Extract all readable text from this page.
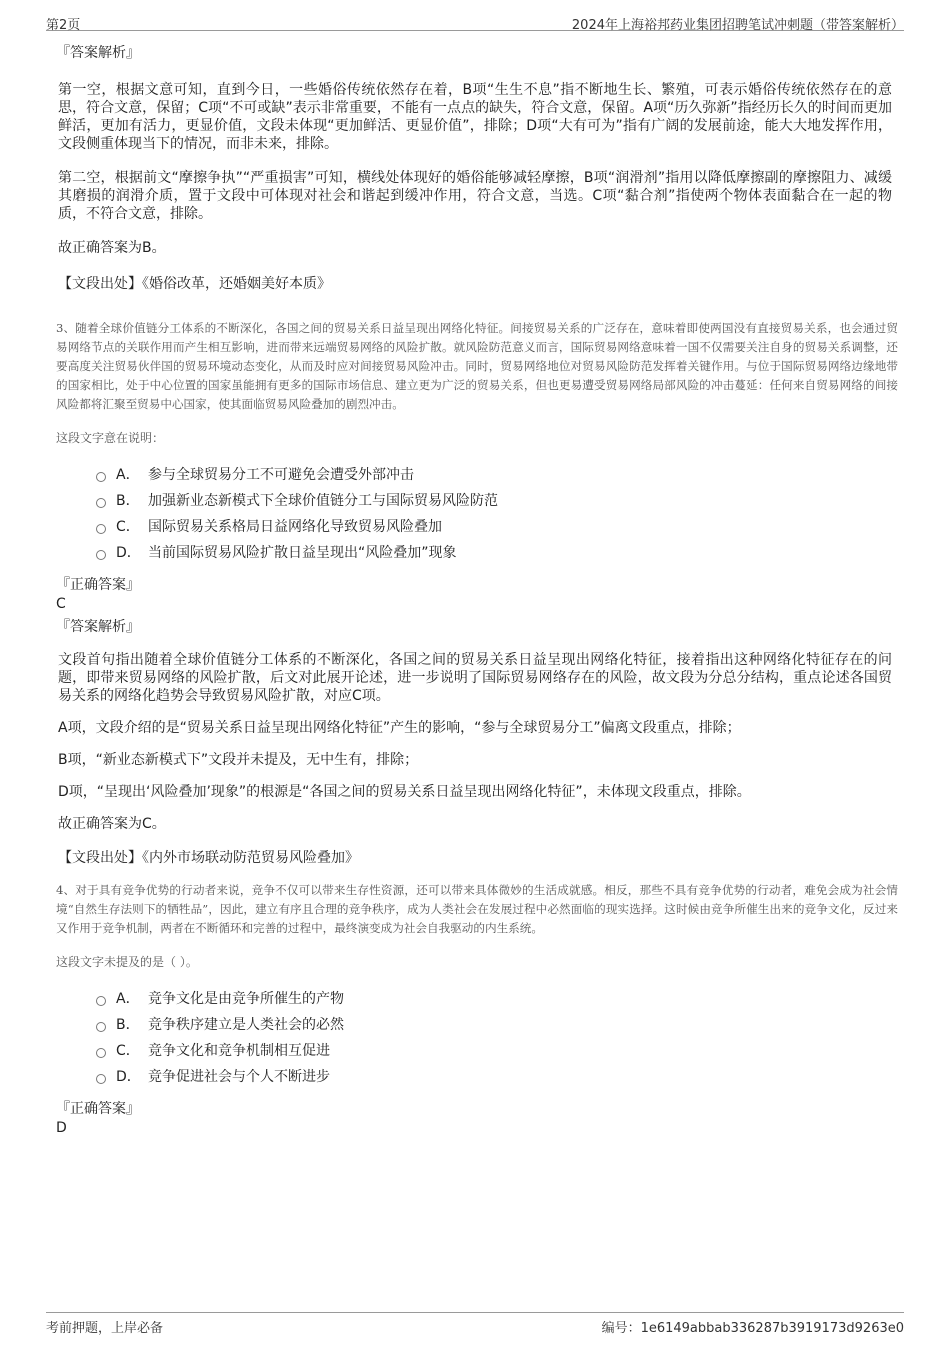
第2页	2024年上海裕邦药业集团招聘笔试冲刺题（带答案解析）
『答案解析』
第一空，根据文意可知，直到今日，一些婚俗传统依然存在着，B项“生生不息”指不断地生长、繁殖，可表示婚俗传统依然存在的意思，符合文意，保留；C项“不可或缺”表示非常重要，不能有一点点的缺失，符合文意，保留。A项“历久弥新”指经历长久的时间而更加鲜活，更加有活力，更显价值，文段未体现“更加鲜活、更显价值”，排除；D项“大有可为”指有广阔的发展前途，能大大地发挥作用，文段侧重体现当下的情况，而非未来，排除。
第二空，根据前文“摩擦争执”“严重损害”可知，横线处体现好的婚俗能够减轻摩擦，B项“润滑剂”指用以降低摩擦副的摩擦阻力、减缓其磨损的润滑介质，置于文段中可体现对社会和谐起到缓冲作用，符合文意，当选。C项“黏合剂”指使两个物体表面黏合在一起的物质，不符合文意，排除。
故正确答案为B。
【文段出处】《婚俗改革，还婚姻美好本质》
3、随着全球价值链分工体系的不断深化，各国之间的贸易关系日益呈现出网络化特征。间接贸易关系的广泛存在，意味着即使两国没有直接贸易关系，也会通过贸易网络节点的关联作用而产生相互影响，进而带来远端贸易网络的风险扩散。就风险防范意义而言，国际贸易网络意味着一国不仅需要关注自身的贸易关系调整，还要高度关注贸易伙伴国的贸易环境动态变化，从而及时应对间接贸易风险冲击。同时，贸易网络地位对贸易风险防范发挥着关键作用。与位于国际贸易网络边缘地带的国家相比，处于中心位置的国家虽能拥有更多的国际市场信息、建立更为广泛的贸易关系，但也更易遭受贸易网络局部风险的冲击蔓延：任何来自贸易网络的间接风险都将汇聚至贸易中心国家，使其面临贸易风险叠加的剧烈冲击。
这段文字意在说明：
A． 参与全球贸易分工不可避免会遭受外部冲击
B． 加强新业态新模式下全球价值链分工与国际贸易风险防范
C． 国际贸易关系格局日益网络化导致贸易风险叠加
D． 当前国际贸易风险扩散日益呈现出“风险叠加”现象
『正确答案』
C
『答案解析』
文段首句指出随着全球价值链分工体系的不断深化，各国之间的贸易关系日益呈现出网络化特征，接着指出这种网络化特征存在的问题，即带来贸易网络的风险扩散，后文对此展开论述，进一步说明了国际贸易网络存在的风险，故文段为分总分结构，重点论述各国贸易关系的网络化趋势会导致贸易风险扩散，对应C项。
A项，文段介绍的是“贸易关系日益呈现出网络化特征”产生的影响，“参与全球贸易分工”偏离文段重点，排除；
B项，“新业态新模式下”文段并未提及，无中生有，排除；
D项，“呈现出‘风险叠加’现象”的根源是“各国之间的贸易关系日益呈现出网络化特征”，未体现文段重点，排除。
故正确答案为C。
【文段出处】《内外市场联动防范贸易风险叠加》
4、对于具有竞争优势的行动者来说，竞争不仅可以带来生存性资源，还可以带来具体微妙的生活成就感。相反，那些不具有竞争优势的行动者，难免会成为社会情境“自然生存法则下的牺牲品”，因此，建立有序且合理的竞争秩序，成为人类社会在发展过程中必然面临的现实选择。这时候由竞争所催生出来的竞争文化，反过来又作用于竞争机制，两者在不断循环和完善的过程中，最终演变成为社会自我驱动的内生系统。
这段文字未提及的是（ ）。
A． 竞争文化是由竞争所催生的产物
B． 竞争秩序建立是人类社会的必然
C． 竞争文化和竞争机制相互促进
D． 竞争促进社会与个人不断进步
『正确答案』
D
考前押题，上岸必备	编号：1e6149abbab336287b3919173d9263e0
